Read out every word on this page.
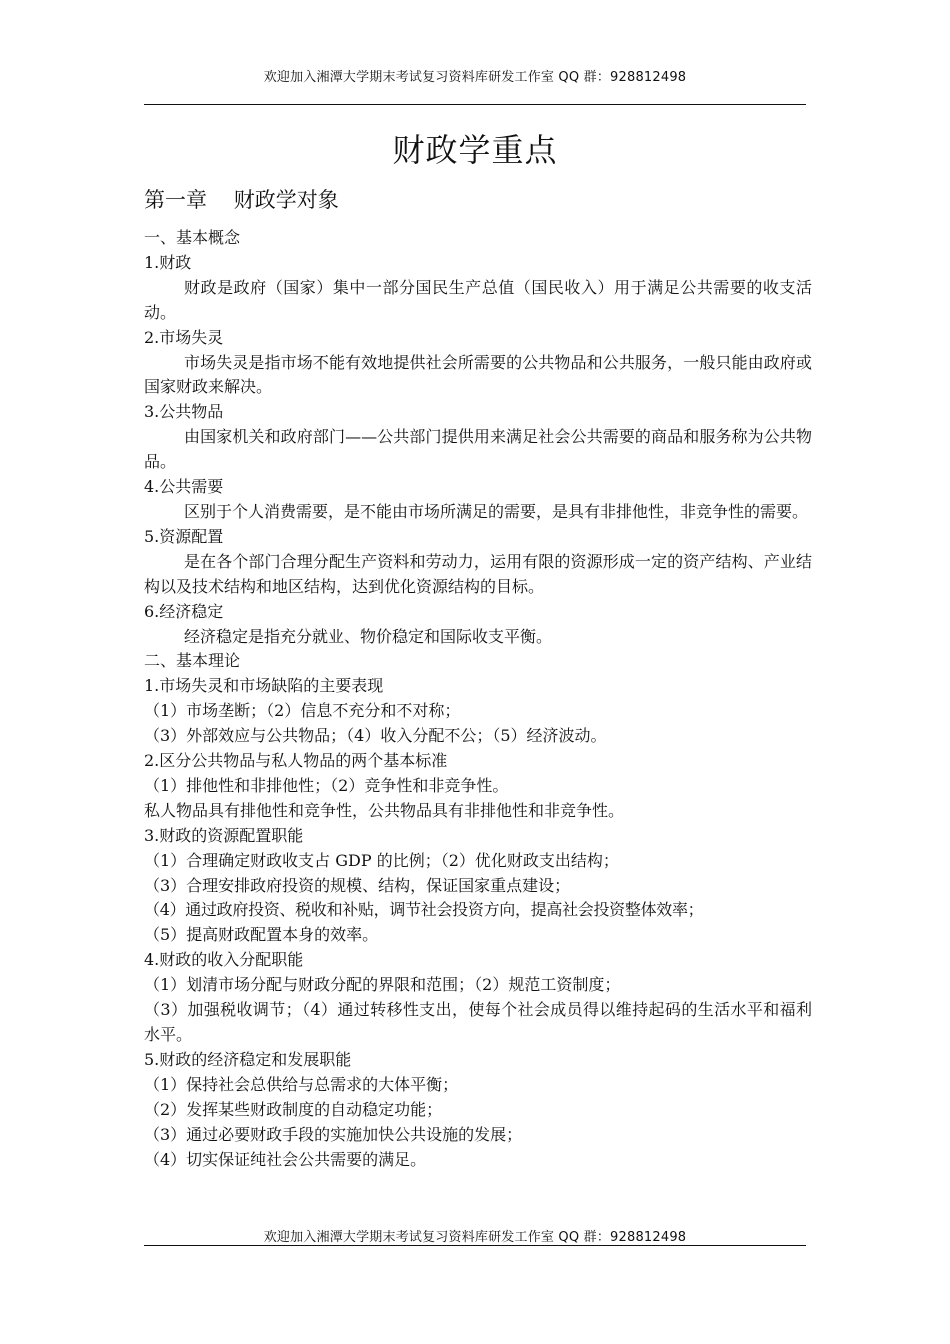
欢迎加入湘潭大学期末考试复习资料库研发工作室 QQ 群：928812498
财政学重点
第一章    财政学对象
一、基本概念
1.财政
财政是政府（国家）集中一部分国民生产总值（国民收入）用于满足公共需要的收支活动。
2.市场失灵
市场失灵是指市场不能有效地提供社会所需要的公共物品和公共服务，一般只能由政府或国家财政来解决。
3.公共物品
由国家机关和政府部门——公共部门提供用来满足社会公共需要的商品和服务称为公共物品。
4.公共需要
区别于个人消费需要，是不能由市场所满足的需要，是具有非排他性，非竞争性的需要。
5.资源配置
是在各个部门合理分配生产资料和劳动力，运用有限的资源形成一定的资产结构、产业结构以及技术结构和地区结构，达到优化资源结构的目标。
6.经济稳定
经济稳定是指充分就业、物价稳定和国际收支平衡。
二、基本理论
1.市场失灵和市场缺陷的主要表现
（1）市场垄断；（2）信息不充分和不对称；
（3）外部效应与公共物品；（4）收入分配不公；（5）经济波动。
2.区分公共物品与私人物品的两个基本标准
（1）排他性和非排他性；（2）竞争性和非竞争性。
私人物品具有排他性和竞争性，公共物品具有非排他性和非竞争性。
3.财政的资源配置职能
（1）合理确定财政收支占 GDP 的比例；（2）优化财政支出结构；
（3）合理安排政府投资的规模、结构，保证国家重点建设；
（4）通过政府投资、税收和补贴，调节社会投资方向，提高社会投资整体效率；
（5）提高财政配置本身的效率。
4.财政的收入分配职能
（1）划清市场分配与财政分配的界限和范围；（2）规范工资制度；
（3）加强税收调节；（4）通过转移性支出，使每个社会成员得以维持起码的生活水平和福利水平。
5.财政的经济稳定和发展职能
（1）保持社会总供给与总需求的大体平衡；
（2）发挥某些财政制度的自动稳定功能；
（3）通过必要财政手段的实施加快公共设施的发展；
（4）切实保证纯社会公共需要的满足。
欢迎加入湘潭大学期末考试复习资料库研发工作室 QQ 群：928812498
